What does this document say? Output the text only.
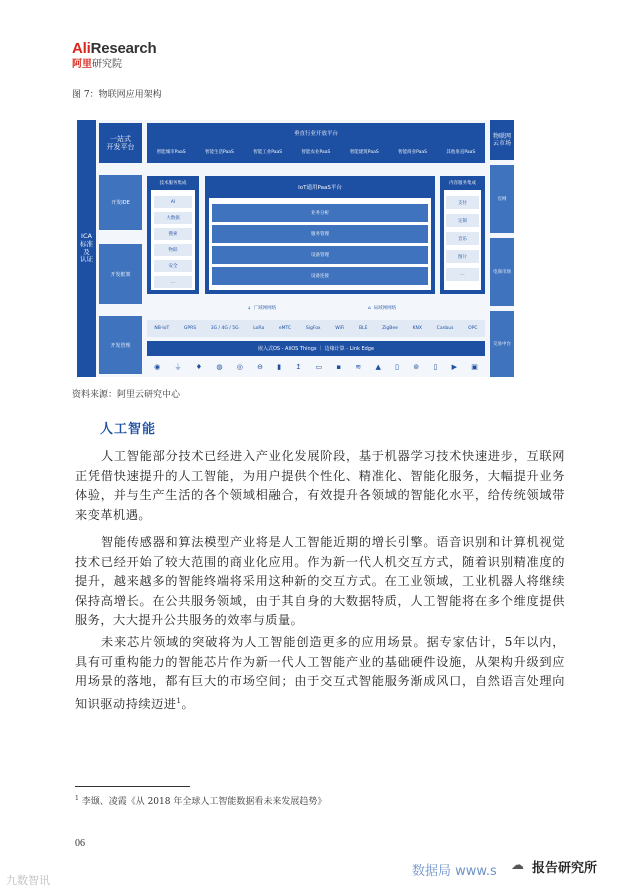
AliResearch
阿里研究院
图 7：物联网应用架构
ICA
标准及
认证
一站式
开发平台
开发IDE
开发框架
开发管理
垂直行业开放平台
智能城市PaaS	智能生活PaaS	智能工业PaaS	智能农业PaaS	智能建筑PaaS	智能商业PaaS	其他垂直PaaS
技术服务集成
AI
大数据
搜索
物联
安全
...
IoT通用PaaS平台
业务分析
服务管理
设备管理
设备连接
内容服务集成
支付
定制
音乐
图片
...
⍋ 广域网网络	⌂ 局域网网络
NB-IoT	GPRS	3G / 4G / 5G	LoRa	eMTC	SigFox	WiFi	BLE	ZigBee	KNX	Canbus	OPC
嵌入式OS - AliOS Things ｜ 边缘计算 - Link Edge
◉ ⏚ ♦ ◍ ◎ ⊖ ▮ ↥ ▭ ▪ ≋ ▲ ▯ ⊚ ▯ ▶ ▣
物联网
云市场
官网
电商市场
交易中台
资料来源：阿里云研究中心
人工智能
人工智能部分技术已经进入产业化发展阶段，基于机器学习技术快速进步，互联网正凭借快速提升的人工智能，为用户提供个性化、精准化、智能化服务，大幅提升业务体验，并与生产生活的各个领域相融合，有效提升各领域的智能化水平，给传统领域带来变革机遇。
智能传感器和算法模型产业将是人工智能近期的增长引擎。语音识别和计算机视觉技术已经开始了较大范围的商业化应用。作为新一代人机交互方式，随着识别精准度的提升，越来越多的智能终端将采用这种新的交互方式。在工业领域，工业机器人将继续保持高增长。在公共服务领域，由于其自身的大数据特质，人工智能将在多个维度提供服务，大大提升公共服务的效率与质量。
未来芯片领域的突破将为人工智能创造更多的应用场景。据专家估计，5年以内，具有可重构能力的智能芯片作为新一代人工智能产业的基础硬件设施，从架构升级到应用场景的落地，都有巨大的市场空间；由于交互式智能服务渐成风口，自然语言处理向知识驱动持续迈进$^1$。
$^1$ 李颋、凌霞《从 2018 年全球人工智能数据看未来发展趋势》
06
九数智讯
数据局 www.s ☁ 报告研究所
